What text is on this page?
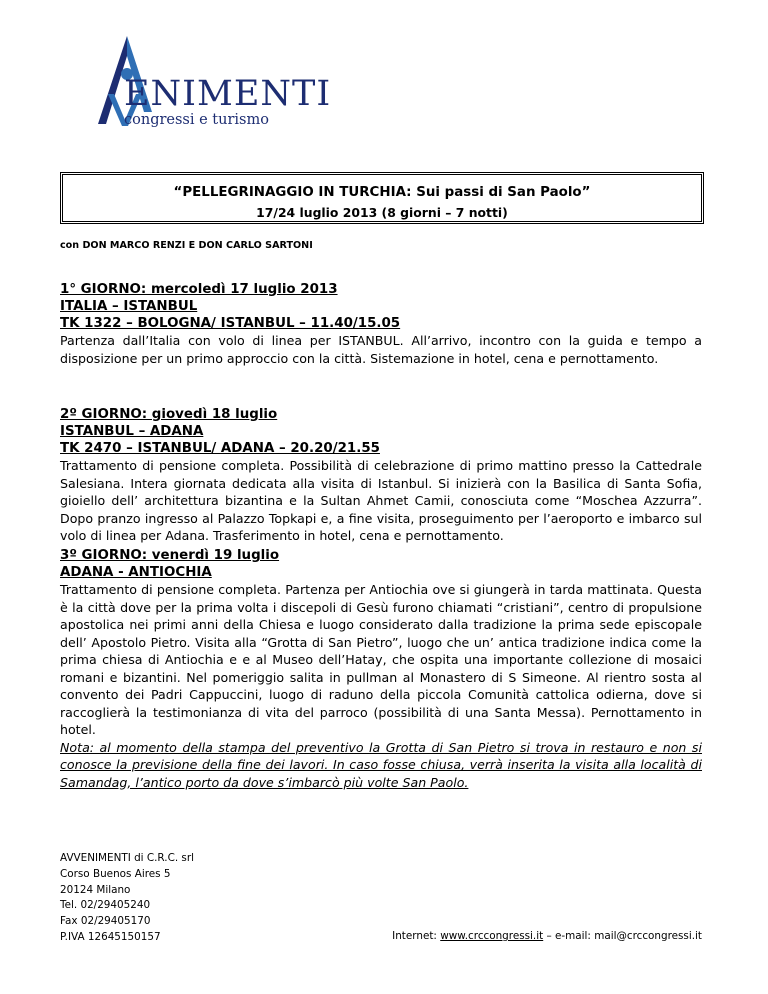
ENIMENTI
congressi e turismo
“PELLEGRINAGGIO IN TURCHIA: Sui passi di San Paolo”
17/24 luglio 2013 (8 giorni – 7 notti)
con DON MARCO RENZI E DON CARLO SARTONI
1° GIORNO: mercoledì 17 luglio 2013
ITALIA – ISTANBUL
TK 1322 – BOLOGNA/ ISTANBUL – 11.40/15.05

Partenza dall’Italia con volo di linea per ISTANBUL. All’arrivo, incontro con la guida e tempo a disposizione per un primo approccio con la città. Sistemazione in hotel, cena e pernottamento.

2º GIORNO: giovedì 18 luglio
ISTANBUL – ADANA
TK 2470 – ISTANBUL/ ADANA – 20.20/21.55

Trattamento di pensione completa. Possibilità di celebrazione di primo mattino presso la Cattedrale Salesiana. Intera giornata dedicata alla visita di Istanbul. Si inizierà con la Basilica di Santa Sofia, gioiello dell’ architettura bizantina e la Sultan Ahmet Camii, conosciuta come “Moschea Azzurra”. Dopo pranzo ingresso al Palazzo Topkapi e, a fine visita, proseguimento per l’aeroporto e imbarco sul volo di linea per Adana. Trasferimento in hotel, cena e pernottamento.

3º GIORNO: venerdì 19 luglio
ADANA - ANTIOCHIA

Trattamento di pensione completa. Partenza per Antiochia ove si giungerà in tarda mattinata. Questa è la città dove per la prima volta i discepoli di Gesù furono chiamati “cristiani”, centro di propulsione apostolica nei primi anni della Chiesa e luogo considerato dalla tradizione la prima sede episcopale dell’ Apostolo Pietro. Visita alla “Grotta di San Pietro”, luogo che un’ antica tradizione indica come la prima chiesa di Antiochia e e al Museo dell’Hatay, che ospita una importante collezione di mosaici romani e bizantini. Nel pomeriggio salita in pullman al Monastero di S Simeone. Al rientro sosta al convento dei Padri Cappuccini, luogo di raduno della piccola Comunità cattolica odierna, dove si raccoglierà la testimonianza di vita del parroco (possibilità di una Santa Messa). Pernottamento in hotel.

Nota: al momento della stampa del preventivo la Grotta di San Pietro si trova in restauro e non si conosce la previsione della fine dei lavori. In caso fosse chiusa, verrà inserita la visita alla località di Samandag, l’antico porto da dove s’imbarcò più volte San Paolo.

AVVENIMENTI di C.R.C. srl
Corso Buenos Aires 5
20124 Milano
Tel. 02/29405240
Fax 02/29405170
P.IVA 12645150157	Internet: www.crccongressi.it – e-mail: mail@crccongressi.it
